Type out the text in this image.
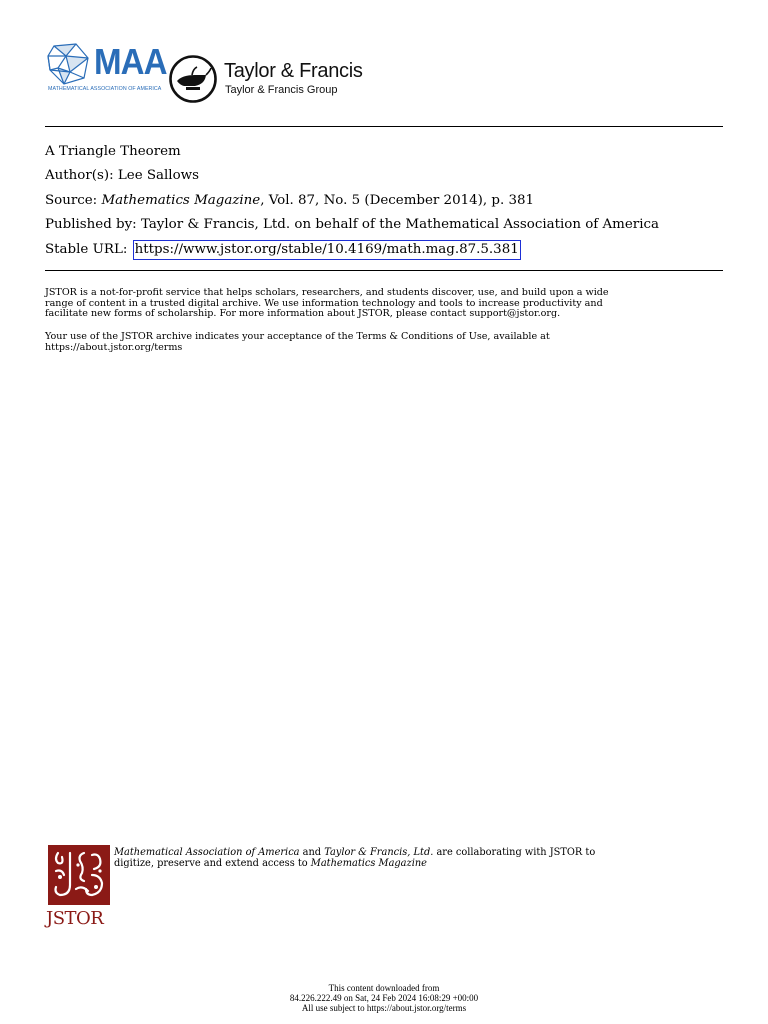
MAA
MATHEMATICAL ASSOCIATION OF AMERICA
Taylor & Francis
Taylor & Francis Group
A Triangle Theorem
Author(s): Lee Sallows
Source: Mathematics Magazine, Vol. 87, No. 5 (December 2014), p. 381
Published by: Taylor & Francis, Ltd. on behalf of the Mathematical Association of America
Stable URL: https://www.jstor.org/stable/10.4169/math.mag.87.5.381
JSTOR is a not-for-profit service that helps scholars, researchers, and students discover, use, and build upon a wide
range of content in a trusted digital archive. We use information technology and tools to increase productivity and
facilitate new forms of scholarship. For more information about JSTOR, please contact support@jstor.org.
Your use of the JSTOR archive indicates your acceptance of the Terms & Conditions of Use, available at
https://about.jstor.org/terms
JSTOR
Mathematical Association of America and Taylor & Francis, Ltd. are collaborating with JSTOR to
digitize, preserve and extend access to Mathematics Magazine
This content downloaded from
84.226.222.49 on Sat, 24 Feb 2024 16:08:29 +00:00
All use subject to https://about.jstor.org/terms
